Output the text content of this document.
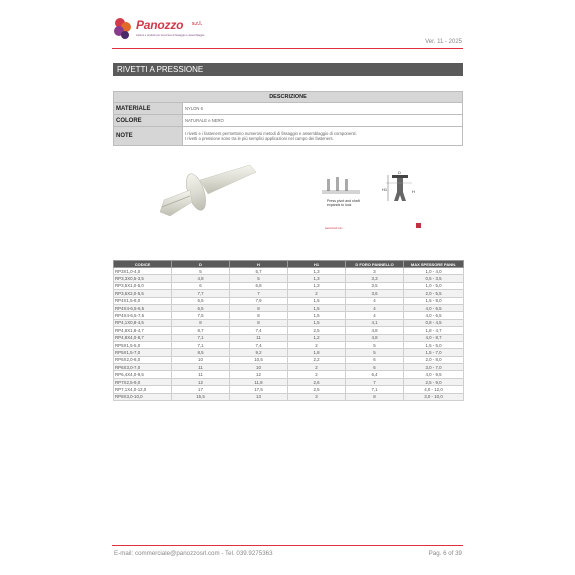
Panozzo s.r.l.
sistemi e prodotti per la tecnica di fissaggio e assemblaggio
Ver. 11 - 2025
RIVETTI A PRESSIONE
DESCRIZIONE	
MATERIALE	NYLON 6
COLORE	NATURALE e NERO
NOTE	I rivetti e i fasteners permettono numerosi metodi di fissaggio e assemblaggio di componenti.
I rivetti a pressione sono tra le più semplici applicazioni nel campo dei fasteners.
H1	H
D
Press pivot and shaft expands to lock
panozzosrl.com
CODICE	D	H	H1	D FORO PANNELLO	MAX SPESSORE PANN.
RP3X1,0-4,0	5	5,7	1,3	3	1,0 - 4,0
RP3,3X0,5-3,5	4,8	5	1,3	3,3	0,5 - 3,5
RP3,5X1,0-5,0	6	6,8	1,3	3,5	1,0 - 5,0
RP3,6X2,0-5,5	7,7	7	2	3,6	2,0 - 5,5
RP4X1,5-8,0	6,5	7,9	1,5	4	1,5 - 8,0
RP4X4-6,5-6,5	6,5	8	1,5	4	4,0 - 6,5
RP4X4-6,5-7,5	7,5	8	1,5	4	4,0 - 6,5
RP4,1X0,8-4,5	8	8	1,5	4,1	0,8 - 4,5
RP4,8X1,8-4,7	8,7	7,4	2,5	4,8	1,8 - 4,7
RP4,8X4,0-8,7	7,1	11	1,2	4,8	4,0 - 8,7
RP5X1,5-5,0	7,1	7,4	2	5	1,5 - 5,0
RP5X1,5-7,0	8,5	9,2	1,8	5	1,5 - 7,0
RP6X2,0-8,0	10	10,5	2,2	6	2,0 - 8,0
RP6X3,0-7,0	11	10	2	6	3,0 - 7,0
RP6,4X4,0-9,5	11	12	2	6,4	4,0 - 9,5
RP7X2,5-9,0	12	11,8	2,6	7	2,5 - 9,0
RP7,1X4,0-12,0	17	17,5	2,5	7,1	4,0 - 12,0
RP8X3,0-10,0	15,5	13	3	8	3,0 - 10,0
E-mail: commerciale@panozzosrl.com - Tel. 039.9275363	Pag. 6 of 39
